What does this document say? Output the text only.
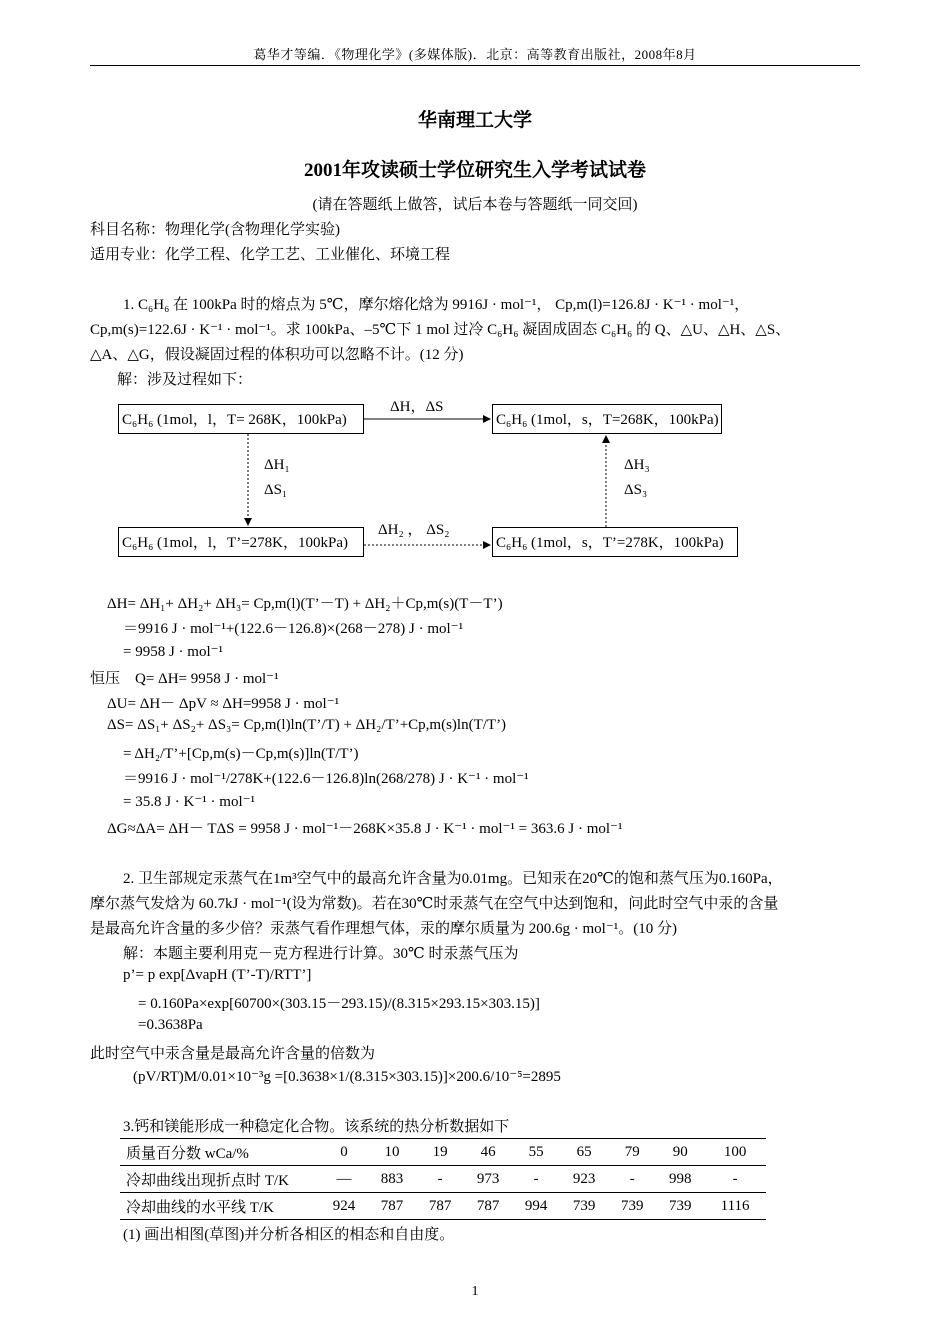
葛华才等编．《物理化学》(多媒体版)．北京：高等教育出版社，2008年8月
华南理工大学
2001年攻读硕士学位研究生入学考试试卷
(请在答题纸上做答，试后本卷与答题纸一同交回)
科目名称：物理化学(含物理化学实验)
适用专业：化学工程、化学工艺、工业催化、环境工程
1. C₆H₆ 在 100kPa 时的熔点为 5℃，摩尔熔化焓为 9916J · mol⁻¹， Cp,m(l)=126.8J · K⁻¹ · mol⁻¹，
Cp,m(s)=122.6J · K⁻¹ · mol⁻¹。求 100kPa、–5℃下 1 mol 过冷 C₆H₆ 凝固成固态 C₆H₆ 的 Q、△U、△H、△S、
△A、△G，假设凝固过程的体积功可以忽略不计。(12 分)
解：涉及过程如下：
C₆H₆ (1mol，l，T= 268K，100kPa)	C₆H₆ (1mol，s，T=268K，100kPa)
C₆H₆ (1mol，l，T’=278K，100kPa)	C₆H₆ (1mol，s，T’=278K，100kPa)
ΔH，ΔS
ΔH₂ ， ΔS₂
ΔH₁
ΔS₁
ΔH₃
ΔS₃
ΔH= ΔH₁+ ΔH₂+ ΔH₃= Cp,m(l)(T’－T) + ΔH₂＋Cp,m(s)(T－T’)
＝9916 J · mol⁻¹+(122.6－126.8)×(268－278) J · mol⁻¹
= 9958 J · mol⁻¹
恒压　Q= ΔH= 9958 J · mol⁻¹
ΔU= ΔH－ ΔpV ≈ ΔH=9958 J · mol⁻¹
ΔS= ΔS₁+ ΔS₂+ ΔS₃= Cp,m(l)ln(T’/T) + ΔH₂/T’+Cp,m(s)ln(T/T’)
= ΔH₂/T’+[Cp,m(s)－Cp,m(s)]ln(T/T’)
＝9916 J · mol⁻¹/278K+(122.6－126.8)ln(268/278) J · K⁻¹ · mol⁻¹
= 35.8 J · K⁻¹ · mol⁻¹
ΔG≈ΔA= ΔH－ TΔS = 9958 J · mol⁻¹－268K×35.8 J · K⁻¹ · mol⁻¹ = 363.6 J · mol⁻¹
2. 卫生部规定汞蒸气在1m³空气中的最高允许含量为0.01mg。已知汞在20℃的饱和蒸气压为0.160Pa，
摩尔蒸气发焓为 60.7kJ · mol⁻¹(设为常数)。若在30℃时汞蒸气在空气中达到饱和，问此时空气中汞的含量
是最高允许含量的多少倍？汞蒸气看作理想气体，汞的摩尔质量为 200.6g · mol⁻¹。(10 分)
解：本题主要利用克－克方程进行计算。30℃ 时汞蒸气压为
p’= p exp[ΔvapH (T’-T)/RTT’]
= 0.160Pa×exp[60700×(303.15－293.15)/(8.315×293.15×303.15)]
=0.3638Pa
此时空气中汞含量是最高允许含量的倍数为
(pV/RT)M/0.01×10⁻³g =[0.3638×1/(8.315×303.15)]×200.6/10⁻⁵=2895
3.钙和镁能形成一种稳定化合物。该系统的热分析数据如下
质量百分数 wCa/%	0	10	19	46	55	65	79	90	100
冷却曲线出现折点时 T/K	—	883	-	973	-	923	-	998	-
冷却曲线的水平线 T/K	924	787	787	787	994	739	739	739	1116
(1) 画出相图(草图)并分析各相区的相态和自由度。
1
